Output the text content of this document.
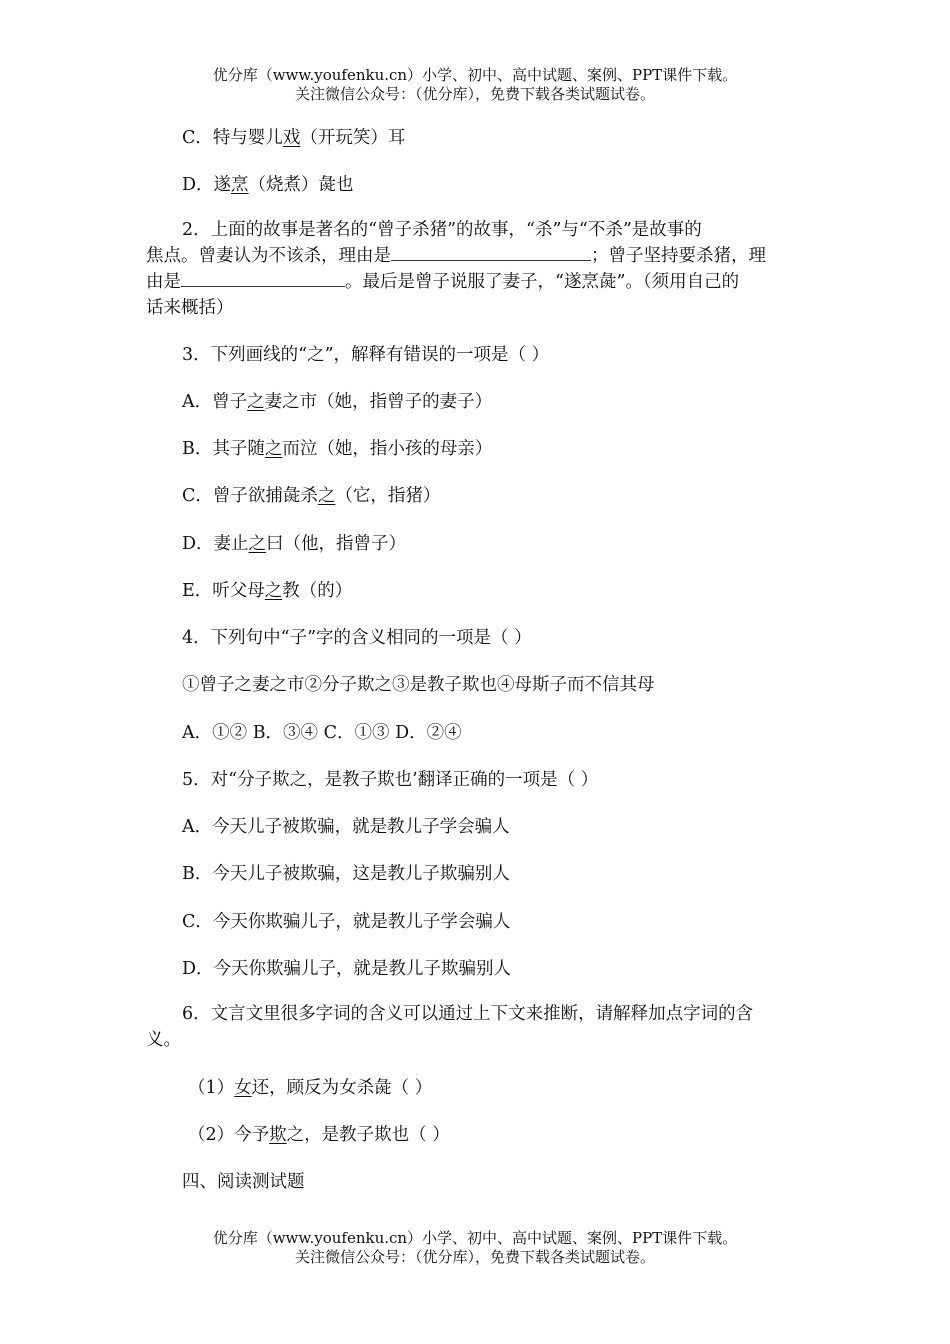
优分库（www.youfenku.cn）小学、初中、高中试题、案例、PPT课件下载。
关注微信公众号：（优分库），免费下载各类试题试卷。
C．特与婴儿戏（开玩笑）耳
D．遂烹（烧煮）彘也
2．上面的故事是著名的“曾子杀猪”的故事，“杀”与“不杀”是故事的
焦点。曾妻认为不该杀，理由是	；曾子坚持要杀猪，理
由是	。最后是曾子说服了妻子，“遂烹彘”。（须用自己的
话来概括）
3．下列画线的“之”，解释有错误的一项是（ ）
A．曾子之妻之市（她，指曾子的妻子）
B．其子随之而泣（她，指小孩的母亲）
C．曾子欲捕彘杀之（它，指猪）
D．妻止之曰（他，指曾子）
E．听父母之教（的）
4．下列句中“子”字的含义相同的一项是（ ）
①曾子之妻之市②分子欺之③是教子欺也④母斯子而不信其母
A．①② B．③④ C．①③ D．②④
5．对“分子欺之，是教子欺也’翻译正确的一项是（ ）
A．今天儿子被欺骗，就是教儿子学会骗人
B．今天儿子被欺骗，这是教儿子欺骗别人
C．今天你欺骗儿子，就是教儿子学会骗人
D．今天你欺骗儿子，就是教儿子欺骗别人
6．文言文里很多字词的含义可以通过上下文来推断，请解释加点字词的含
义。
（1）女还，顾反为女杀彘（ ）
（2）今予欺之，是教子欺也（ ）
四、阅读测试题
优分库（www.youfenku.cn）小学、初中、高中试题、案例、PPT课件下载。
关注微信公众号：（优分库），免费下载各类试题试卷。
